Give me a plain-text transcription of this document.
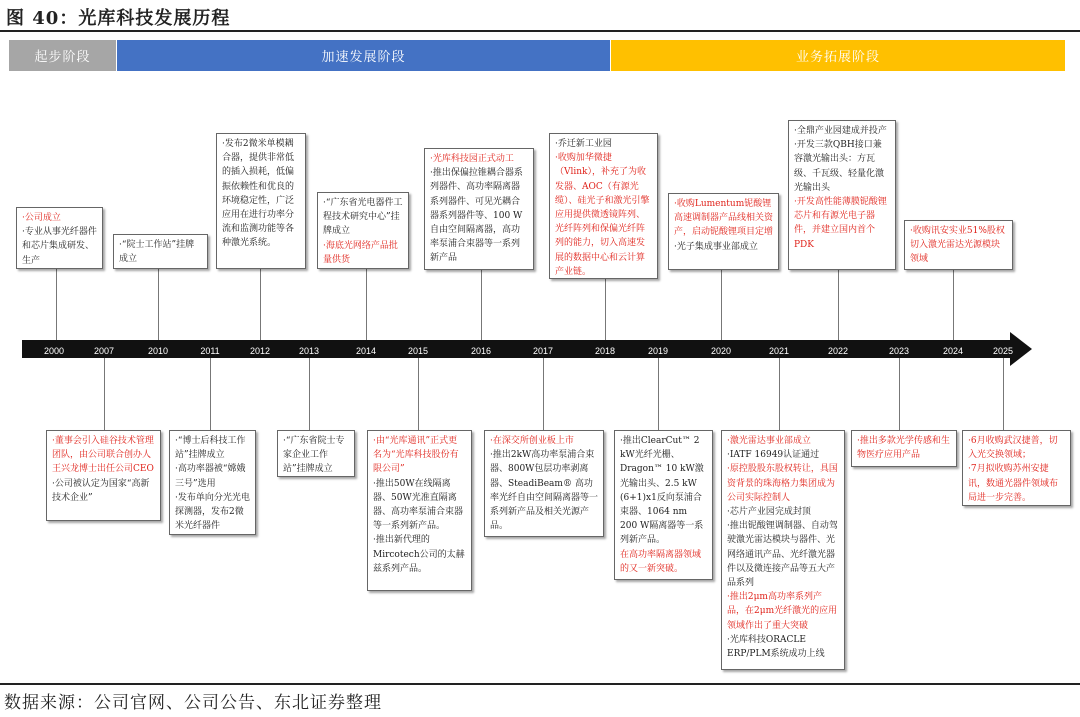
图 40：光库科技发展历程
起步阶段	加速发展阶段	业务拓展阶段
2000	2007	2010	2011	2012	2013	2014	2015	2016	2017	2018	2019	2020	2021	2022	2023	2024	2025
·公司成立
·专业从事光纤器件和芯片集成研发、生产
·“院士工作站”挂牌成立
·发布2微米单模耦合器，提供非常低的插入损耗，低偏振依赖性和优良的环境稳定性，广泛应用在进行功率分流和监测功能等各种激光系统。
·“广东省光电器件工程技术研究中心”挂牌成立
·海底光网络产品批量供货
·光库科技园正式动工
·推出保偏拉锥耦合器系列器件、高功率隔离器系列器件、可见光耦合器系列器件等、100 W自由空间隔离器，高功率泵浦合束器等一系列新产品
·乔迁新工业园
·收购加华微捷（Vlink），补充了为收发器、AOC（有源光缆）、硅光子和激光引擎应用提供微透镜阵列、光纤阵列和保偏光纤阵列的能力，切入高速发展的数据中心和云计算产业链。
·收购Lumentum铌酸锂高速调制器产品线相关资产，启动铌酸锂项目定增
·光子集成事业部成立
·全鼎产业园建成并投产
·开发三款QBH接口兼容激光输出头：方瓦级、千瓦级、轻量化激光输出头
·开发高性能薄膜铌酸锂芯片和有源光电子器件，并建立国内首个PDK
·收购讯安实业51%股权切入激光雷达光源模块领域
·董事会引入硅谷技术管理团队，由公司联合创办人王兴龙博士出任公司CEO
·公司被认定为国家“高新技术企业”
·“博士后科技工作站”挂牌成立
·高功率器被“嫦娥三号”选用
·发布单向分光光电探测器，发布2微米光纤器件
·“广东省院士专家企业工作站”挂牌成立
·由“光库通讯”正式更名为“光库科技股份有限公司”
·推出50W在线隔离器、50W光准直隔离器、高功率泵浦合束器等一系列新产品。
·推出新代理的Mircotech公司的太赫兹系列产品。
·在深交所创业板上市
·推出2kW高功率泵浦合束器、800W包层功率剥离器、SteadiBeam® 高功率光纤自由空间隔离器等一系列新产品及相关光源产品。
·推出ClearCut™ 2 kW光纤光栅、Dragon™ 10 kW激光输出头、2.5 kW (6+1)x1反向泵浦合束器、1064 nm 200 W隔离器等一系列新产品。
在高功率隔离器领域的又一新突破。
·激光雷达事业部成立
·IATF 16949认证通过
·原控股股东股权转让，具国资背景的珠海格力集团成为公司实际控制人
·芯片产业园完成封顶
·推出铌酸锂调制器、自动驾驶激光雷达模块与器件、光网络通讯产品、光纤激光器件以及微连接产品等五大产品系列
·推出2μm高功率系列产品，在2μm光纤激光的应用领域作出了重大突破
·光库科技ORACLE ERP/PLM系统成功上线
·推出多款光学传感和生物医疗应用产品
·6月收购武汉捷普，切入光交换领域；
·7月拟收购苏州安捷讯，数通光器件领域布局进一步完善。
数据来源：公司官网、公司公告、东北证券整理
